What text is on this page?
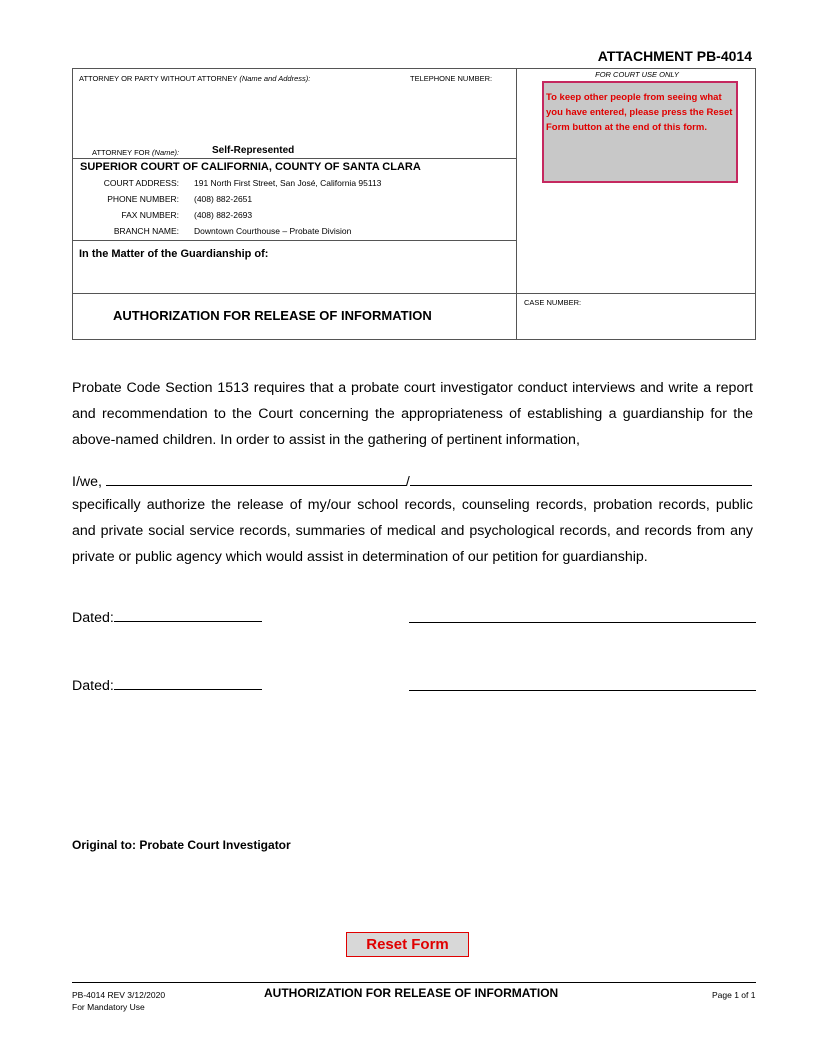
ATTACHMENT PB-4014
ATTORNEY OR PARTY WITHOUT ATTORNEY (Name and Address):	TELEPHONE NUMBER:
ATTORNEY FOR (Name):	Self-Represented
SUPERIOR COURT OF CALIFORNIA, COUNTY OF SANTA CLARA
COURT ADDRESS: 191 North First Street, San José, California 95113
PHONE NUMBER: (408) 882-2651
FAX NUMBER: (408) 882-2693
BRANCH NAME: Downtown Courthouse – Probate Division
In the Matter of the Guardianship of:
AUTHORIZATION FOR RELEASE OF INFORMATION
CASE NUMBER:
FOR COURT USE ONLY
To keep other people from seeing what you have entered, please press the Reset Form button at the end of this form.
Probate Code Section 1513 requires that a probate court investigator conduct interviews and write a report and recommendation to the Court concerning the appropriateness of establishing a guardianship for the above-named children. In order to assist in the gathering of pertinent information,
I/we,	/
specifically authorize the release of my/our school records, counseling records, probation records, public and private social service records, summaries of medical and psychological records, and records from any private or public agency which would assist in determination of our petition for guardianship.
Dated:
Dated:
Original to: Probate Court Investigator
Reset Form
PB-4014 REV 3/12/2020
For Mandatory Use
AUTHORIZATION FOR RELEASE OF INFORMATION	Page 1 of 1
